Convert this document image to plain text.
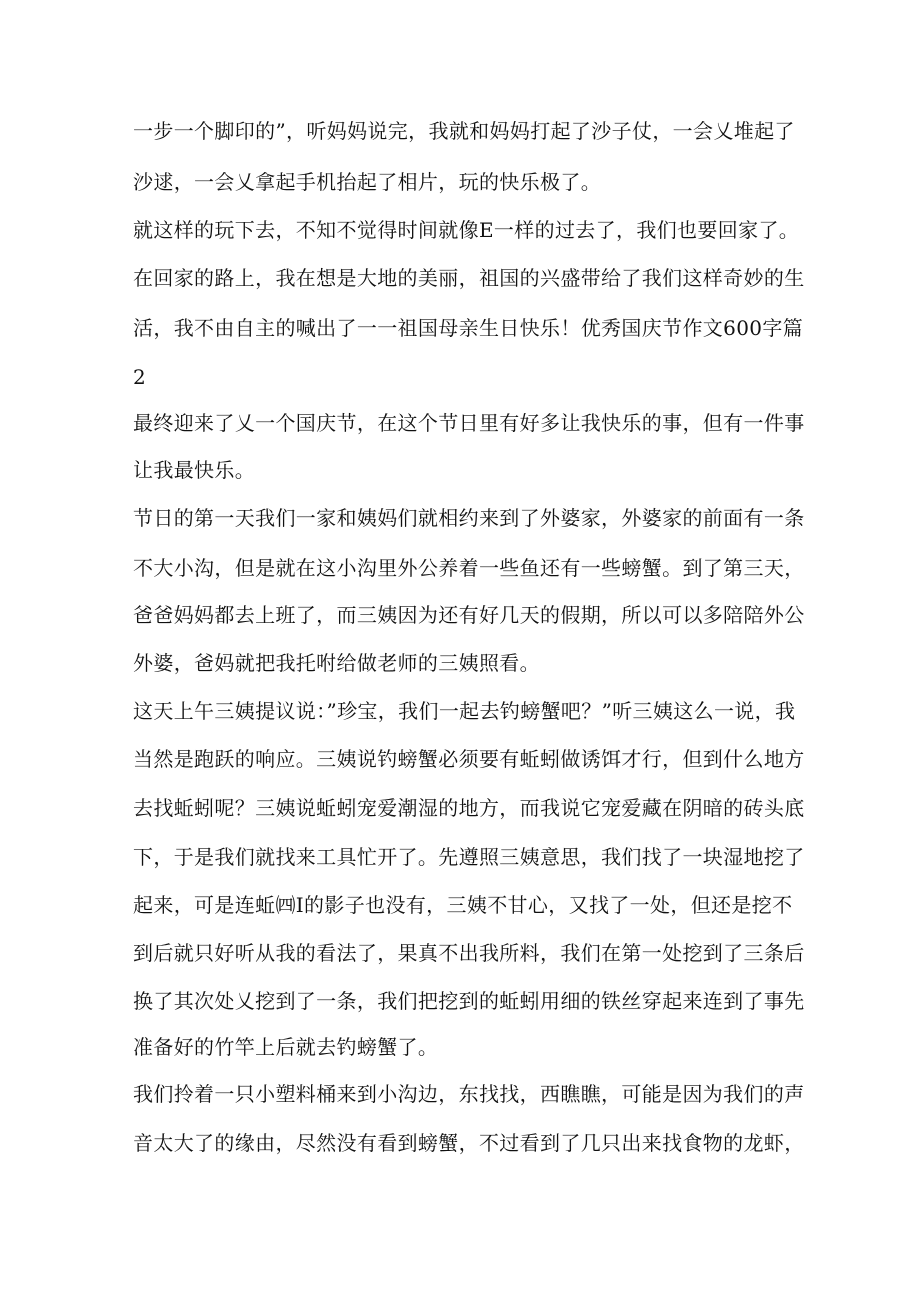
一步一个脚印的”，听妈妈说完，我就和妈妈打起了沙子仗，一会乂堆起了

沙逑，一会乂拿起手机抬起了相片，玩的快乐极了。

就这样的玩下去，不知不觉得时间就像E一样的过去了，我们也要回家了。

在回家的路上，我在想是大地的美丽，祖国的兴盛带给了我们这样奇妙的生

活，我不由自主的喊出了一一祖国母亲生日快乐！优秀国庆节作文600字篇

2

最终迎来了乂一个国庆节，在这个节日里有好多让我快乐的事，但有一件事

让我最快乐。

节日的第一天我们一家和姨妈们就相约来到了外婆家，外婆家的前面有一条

不大小沟，但是就在这小沟里外公养着一些鱼还有一些螃蟹。到了第三天，

爸爸妈妈都去上班了，而三姨因为还有好几天的假期，所以可以多陪陪外公

外婆，爸妈就把我托咐给做老师的三姨照看。

这天上午三姨提议说：”珍宝，我们一起去钓螃蟹吧？”听三姨这么一说，我

当然是跑跃的响应。三姨说钓螃蟹必须要有蚯蚓做诱饵才行，但到什么地方

去找蚯蚓呢？三姨说蚯蚓宠爱潮湿的地方，而我说它宠爱藏在阴暗的砖头底

下，于是我们就找来工具忙开了。先遵照三姨意思，我们找了一块湿地挖了

起来，可是连蚯㈣I的影子也没有，三姨不甘心，又找了一处，但还是挖不

到后就只好听从我的看法了，果真不出我所料，我们在第一处挖到了三条后

换了其次处乂挖到了一条，我们把挖到的蚯蚓用细的铁丝穿起来连到了事先

准备好的竹竿上后就去钓螃蟹了。

我们拎着一只小塑料桶来到小沟边，东找找，西瞧瞧，可能是因为我们的声

音太大了的缘由，尽然没有看到螃蟹，不过看到了几只出来找食物的龙虾，
